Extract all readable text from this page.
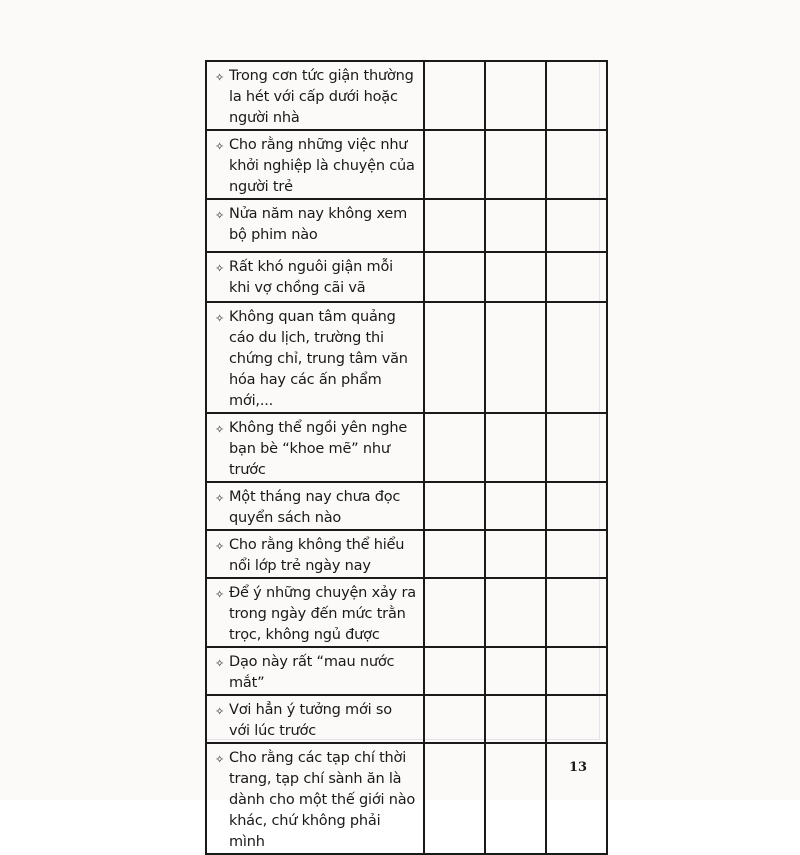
✧ Trong cơn tức giận thường la hét với cấp dưới hoặc người nhà			

✧ Cho rằng những việc như khởi nghiệp là chuyện của người trẻ			

✧ Nửa năm nay không xem bộ phim nào			

✧ Rất khó nguôi giận mỗi khi vợ chồng cãi vã			

✧ Không quan tâm quảng cáo du lịch, trường thi chứng chỉ, trung tâm văn hóa hay các ấn phẩm mới,...			

✧ Không thể ngồi yên nghe bạn bè “khoe mẽ” như trước			

✧ Một tháng nay chưa đọc quyển sách nào			

✧ Cho rằng không thể hiểu nổi lớp trẻ ngày nay			

✧ Để ý những chuyện xảy ra trong ngày đến mức trằn trọc, không ngủ được			

✧ Dạo này rất “mau nước mắt”			

✧ Vơi hẳn ý tưởng mới so với lúc trước			

✧ Cho rằng các tạp chí thời trang, tạp chí sành ăn là dành cho một thế giới nào khác, chứ không phải mình			

13
